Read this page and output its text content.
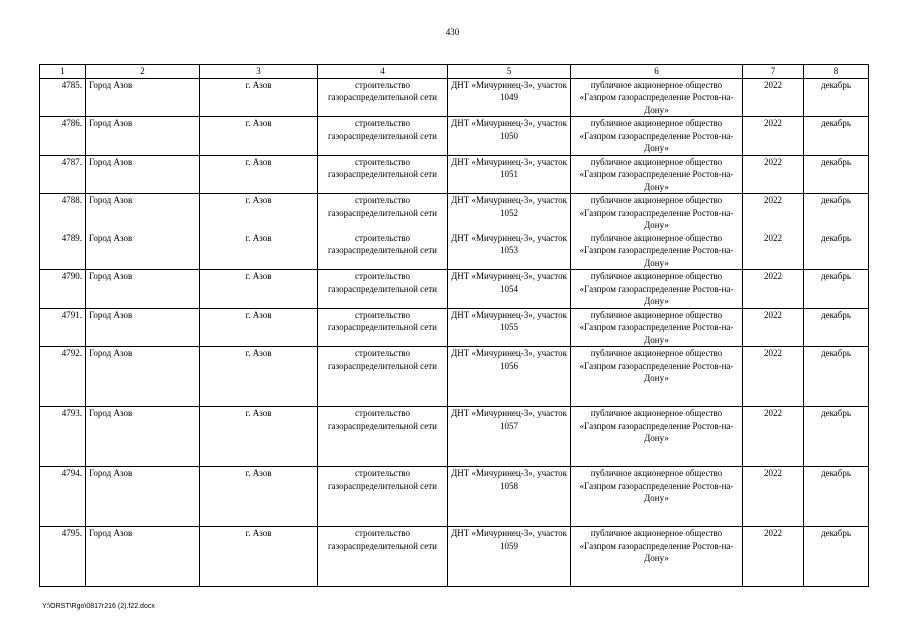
430
1	2	3	4	5	6	7	8
4785.	Город Азов	г. Азов	строительство газораспределительной сети	ДНТ «Мичуринец-3», участок 1049	публичное акционерное общество «Газпром газораспределение Ростов-на-Дону»	2022	декабрь
4786.	Город Азов	г. Азов	строительство газораспределительной сети	ДНТ «Мичуринец-3», участок 1050	публичное акционерное общество «Газпром газораспределение Ростов-на-Дону»	2022	декабрь
4787.	Город Азов	г. Азов	строительство газораспределительной сети	ДНТ «Мичуринец-3», участок 1051	публичное акционерное общество «Газпром газораспределение Ростов-на-Дону»	2022	декабрь
4788.	Город Азов	г. Азов	строительство газораспределительной сети	ДНТ «Мичуринец-3», участок 1052	публичное акционерное общество «Газпром газораспределение Ростов-на-Дону»	2022	декабрь
4789.	Город Азов	г. Азов	строительство газораспределительной сети	ДНТ «Мичуринец-3», участок 1053	публичное акционерное общество «Газпром газораспределение Ростов-на-Дону»	2022	декабрь
4790.	Город Азов	г. Азов	строительство газораспределительной сети	ДНТ «Мичуринец-3», участок 1054	публичное акционерное общество «Газпром газораспределение Ростов-на-Дону»	2022	декабрь
4791.	Город Азов	г. Азов	строительство газораспределительной сети	ДНТ «Мичуринец-3», участок 1055	публичное акционерное общество «Газпром газораспределение Ростов-на-Дону»	2022	декабрь
4792.	Город Азов	г. Азов	строительство газораспределительной сети	ДНТ «Мичуринец-3», участок 1056	публичное акционерное общество «Газпром газораспределение Ростов-на-Дону»	2022	декабрь
4793.	Город Азов	г. Азов	строительство газораспределительной сети	ДНТ «Мичуринец-3», участок 1057	публичное акционерное общество «Газпром газораспределение Ростов-на-Дону»	2022	декабрь
4794.	Город Азов	г. Азов	строительство газораспределительной сети	ДНТ «Мичуринец-3», участок 1058	публичное акционерное общество «Газпром газораспределение Ростов-на-Дону»	2022	декабрь
4795.	Город Азов	г. Азов	строительство газораспределительной сети	ДНТ «Мичуринец-3», участок 1059	публичное акционерное общество «Газпром газораспределение Ростов-на-Дону»	2022	декабрь
Y:\ORST\Rgo\0817r216 (2).f22.docx
